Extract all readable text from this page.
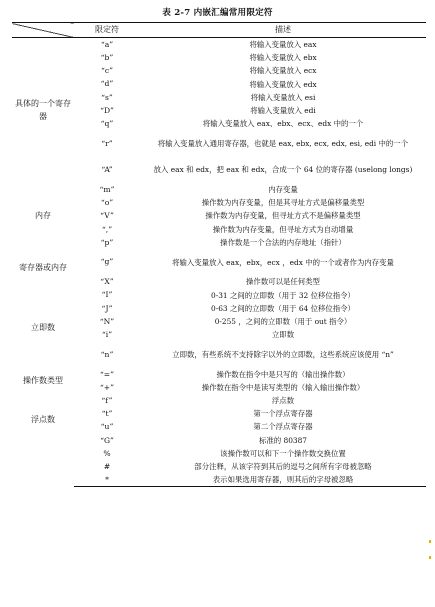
表 2-7 内嵌汇编常用限定符
	限定符	描述
具体的一个寄存器	“a”	将输入变量放入 eax
	“b”	将输入变量放入 ebx
	“c”	将输入变量放入 ecx
	“d”	将输入变量放入 edx
	“s”	将输入变量放入 esi
	“D”	将输入变量放入 edi
	“q”	将输入变量放入 eax、ebx、ecx、edx 中的一个
	“r”	将输入变量放入通用寄存器，也就是 eax, ebx, ecx, edx, esi, edi 中的一个
	“A”	放入 eax 和 edx，把 eax 和 edx，合成一个 64 位的寄存器 (uselong longs)
内存	“m”	内存变量
	“o”	操作数为内存变量，但是其寻址方式是偏移量类型
	“V”	操作数为内存变量，但寻址方式不是偏移量类型
	“,”	操作数为内存变量，但寻址方式为自动增量
	“p”	操作数是一个合法的内存地址（指针）
寄存器或内存	“g”	将输入变量放入 eax，ebx，ecx ，edx 中的一个或者作为内存变量
	“X”	操作数可以是任何类型
立即数	“I”	0-31 之间的立即数（用于 32 位移位指令）
	“J”	0-63 之间的立即数（用于 64 位移位指令）
	“N”	0-255 ，之间的立即数（用于 out 指令）
	“i”	立即数
	“n”	立即数，有些系统不支持除字以外的立即数，这些系统应该使用 “n”
操作数类型	“=”	操作数在指令中是只写的（输出操作数）
	“+”	操作数在指令中是读写类型的（输入输出操作数）
浮点数	“f”	浮点数
	“t”	第一个浮点寄存器
	“u”	第二个浮点寄存器
	“G”	标准的 80387
	%	该操作数可以和下一个操作数交换位置
	#	部分注释，从该字符到其后的逗号之间所有字母被忽略
	*	表示如果选用寄存器，则其后的字母被忽略
